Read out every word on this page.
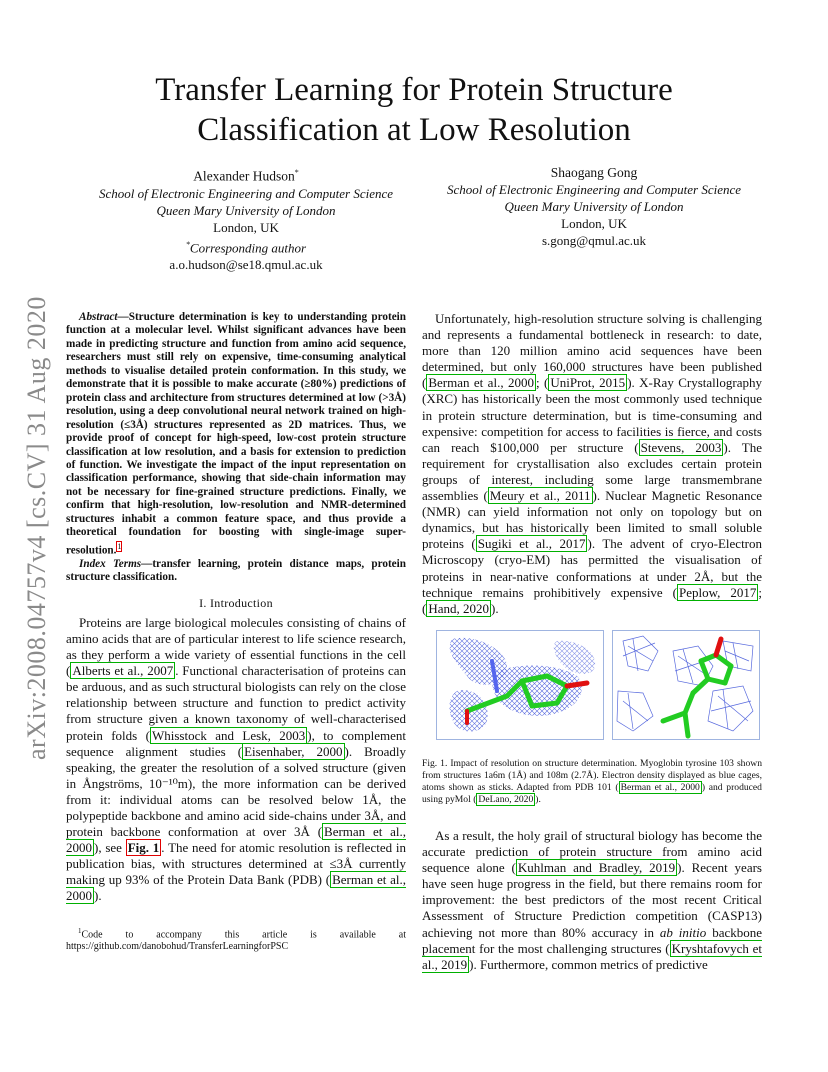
arXiv:2008.04757v4 [cs.CV] 31 Aug 2020
Transfer Learning for Protein Structure
Classification at Low Resolution
Alexander Hudson*
School of Electronic Engineering and Computer Science
Queen Mary University of London
London, UK
*Corresponding author
a.o.hudson@se18.qmul.ac.uk
Shaogang Gong
School of Electronic Engineering and Computer Science
Queen Mary University of London
London, UK
s.gong@qmul.ac.uk

Abstract—Structure determination is key to understanding protein function at a molecular level. Whilst significant advances have been made in predicting structure and function from amino acid sequence, researchers must still rely on expensive, time-consuming analytical methods to visualise detailed protein conformation. In this study, we demonstrate that it is possible to make accurate (≥80%) predictions of protein class and architecture from structures determined at low (>3Å) resolution, using a deep convolutional neural network trained on high-resolution (≤3Å) structures represented as 2D matrices. Thus, we provide proof of concept for high-speed, low-cost protein structure classification at low resolution, and a basis for extension to prediction of function. We investigate the impact of the input representation on classification performance, showing that side-chain information may not be necessary for fine-grained structure predictions. Finally, we confirm that high-resolution, low-resolution and NMR-determined structures inhabit a common feature space, and thus provide a theoretical foundation for boosting with single-image super-resolution.$^1$

Index Terms—transfer learning, protein distance maps, protein structure classification.

I. Introduction

Proteins are large biological molecules consisting of chains of amino acids that are of particular interest to life science research, as they perform a wide variety of essential functions in the cell ( Alberts et al., 2007 . Functional characterisation of proteins can be arduous, and as such structural biologists can rely on the close relationship between structure and function to predict activity from structure given a known taxonomy of well-characterised protein folds ( Whisstock and Lesk, 2003 ), to complement sequence alignment studies ( Eisenhaber, 2000 ). Broadly speaking, the greater the resolution of a solved structure (given in Ångströms, 10⁻¹⁰m), the more information can be derived from it: individual atoms can be resolved below 1Å, the polypeptide backbone and amino acid side-chains under 3Å, and protein backbone conformation at over 3Å ( Berman et al., 2000 ), see Fig. 1 . The need for atomic resolution is reflected in publication bias, with structures determined at ≤3Å currently making up 93% of the Protein Data Bank (PDB) ( Berman et al., 2000 ).

$^1$Code to accompany this article is available at https://github.com/danobohud/TransferLearningforPSC

Unfortunately, high-resolution structure solving is challenging and represents a fundamental bottleneck in research: to date, more than 120 million amino acid sequences have been determined, but only 160,000 structures have been published ( Berman et al., 2000 ; ( UniProt, 2015 ). X-Ray Crystallography (XRC) has historically been the most commonly used technique in protein structure determination, but is time-consuming and expensive: competition for access to facilities is fierce, and costs can reach $100,000 per structure ( Stevens, 2003 ). The requirement for crystallisation also excludes certain protein groups of interest, including some large transmembrane assemblies ( Meury et al., 2011 ). Nuclear Magnetic Resonance (NMR) can yield information not only on topology but on dynamics, but has historically been limited to small soluble proteins ( Sugiki et al., 2017 ). The advent of cryo-Electron Microscopy (cryo-EM) has permitted the visualisation of proteins in near-native conformations at under 2Å, but the technique remains prohibitively expensive ( Peplow, 2017 ; ( Hand, 2020 ).

Fig. 1. Impact of resolution on structure determination. Myoglobin tyrosine 103 shown from structures 1a6m (1Å) and 108m (2.7Å). Electron density displayed as blue cages, atoms shown as sticks. Adapted from PDB 101 ( Berman et al., 2000 ) and produced using pyMol ( DeLano, 2020 ).

As a result, the holy grail of structural biology has become the accurate prediction of protein structure from amino acid sequence alone ( Kuhlman and Bradley, 2019 ). Recent years have seen huge progress in the field, but there remains room for improvement: the best predictors of the most recent Critical Assessment of Structure Prediction competition (CASP13) achieving not more than 80% accuracy in ab initio backbone placement for the most challenging structures ( Kryshtafovych et al., 2019 ). Furthermore, common metrics of predictive
